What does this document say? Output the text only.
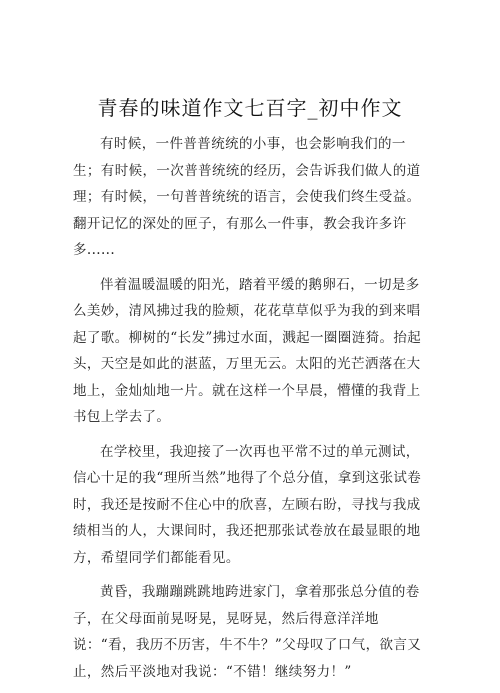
青春的味道作文七百字_初中作文

有时候，一件普普统统的小事，也会影响我们的一生；有时候，一次普普统统的经历，会告诉我们做人的道理；有时候，一句普普统统的语言，会使我们终生受益。翻开记忆的深处的匣子，有那么一件事，教会我许多许多......

伴着温暖温暖的阳光，踏着平缓的鹅卵石，一切是多么美妙，清风拂过我的脸颊，花花草草似乎为我的到来唱起了歌。柳树的“长发”拂过水面，溅起一圈圈涟猗。抬起头，天空是如此的湛蓝，万里无云。太阳的光芒洒落在大地上，金灿灿地一片。就在这样一个早晨，懵懂的我背上书包上学去了。

在学校里，我迎接了一次再也平常不过的单元测试，信心十足的我“理所当然”地得了个总分值，拿到这张试卷时，我还是按耐不住心中的欣喜，左顾右盼，寻找与我成绩相当的人，大课间时，我还把那张试卷放在最显眼的地方，希望同学们都能看见。

黄昏，我蹦蹦跳跳地跨进家门，拿着那张总分值的卷子，在父母面前晃呀晃，晃呀晃，然后得意洋洋地说：“看，我历不历害，牛不牛？”父母叹了口气，欲言又止，然后平淡地对我说：“不错！继续努力！”
